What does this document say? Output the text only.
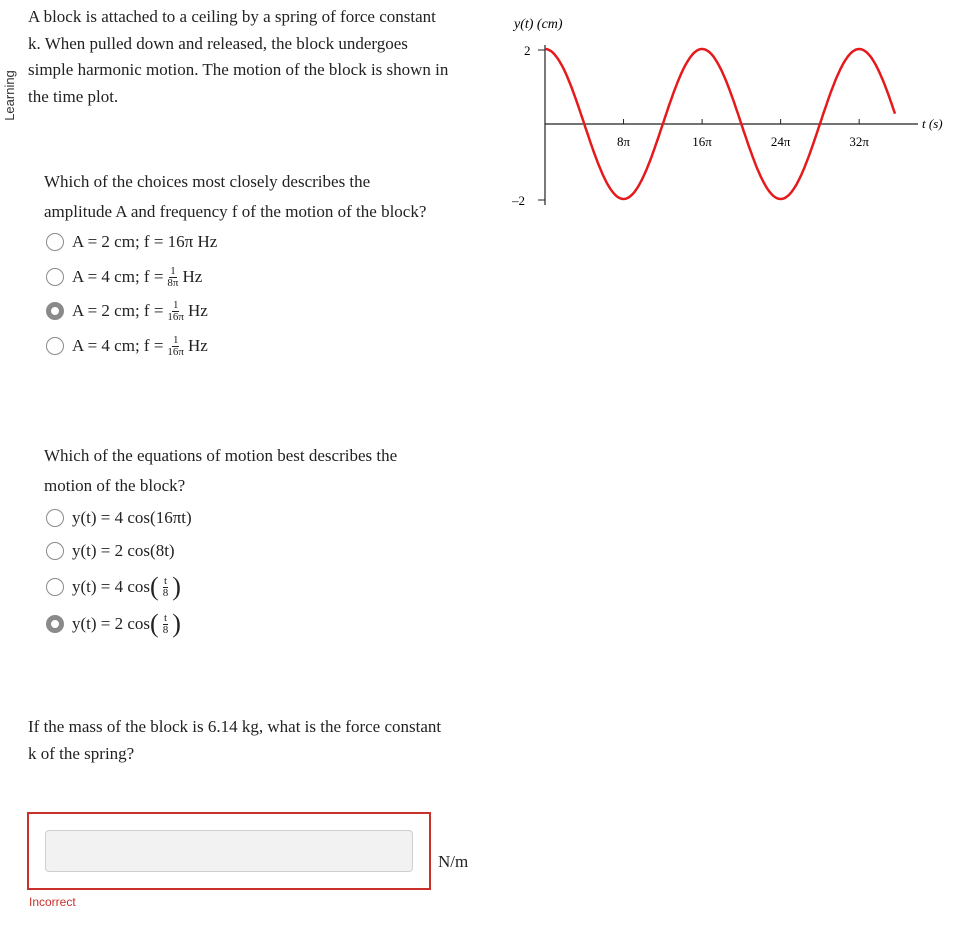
Learning
A block is attached to a ceiling by a spring of force constant
k. When pulled down and released, the block undergoes
simple harmonic motion. The motion of the block is shown in
the time plot.
y(t) (cm)
2
–2
8π	16π	24π	32π
t (s)
Which of the choices most closely describes the
amplitude A and frequency f of the motion of the block?
A = 2 cm; f = 16π Hz
A = 4 cm; $f = \frac{1}{8\pi}$ Hz
A = 2 cm; $f = \frac{1}{16\pi}$ Hz
A = 4 cm; $f = \frac{1}{16\pi}$ Hz
Which of the equations of motion best describes the
motion of the block?
y(t) = 4 cos(16πt)
y(t) = 2 cos(8t)
y(t) = 4 cos ( $\frac{t}{8}$ )
y(t) = 2 cos ( $\frac{t}{8}$ )
If the mass of the block is 6.14 kg, what is the force constant
k of the spring?
N/m
Incorrect
